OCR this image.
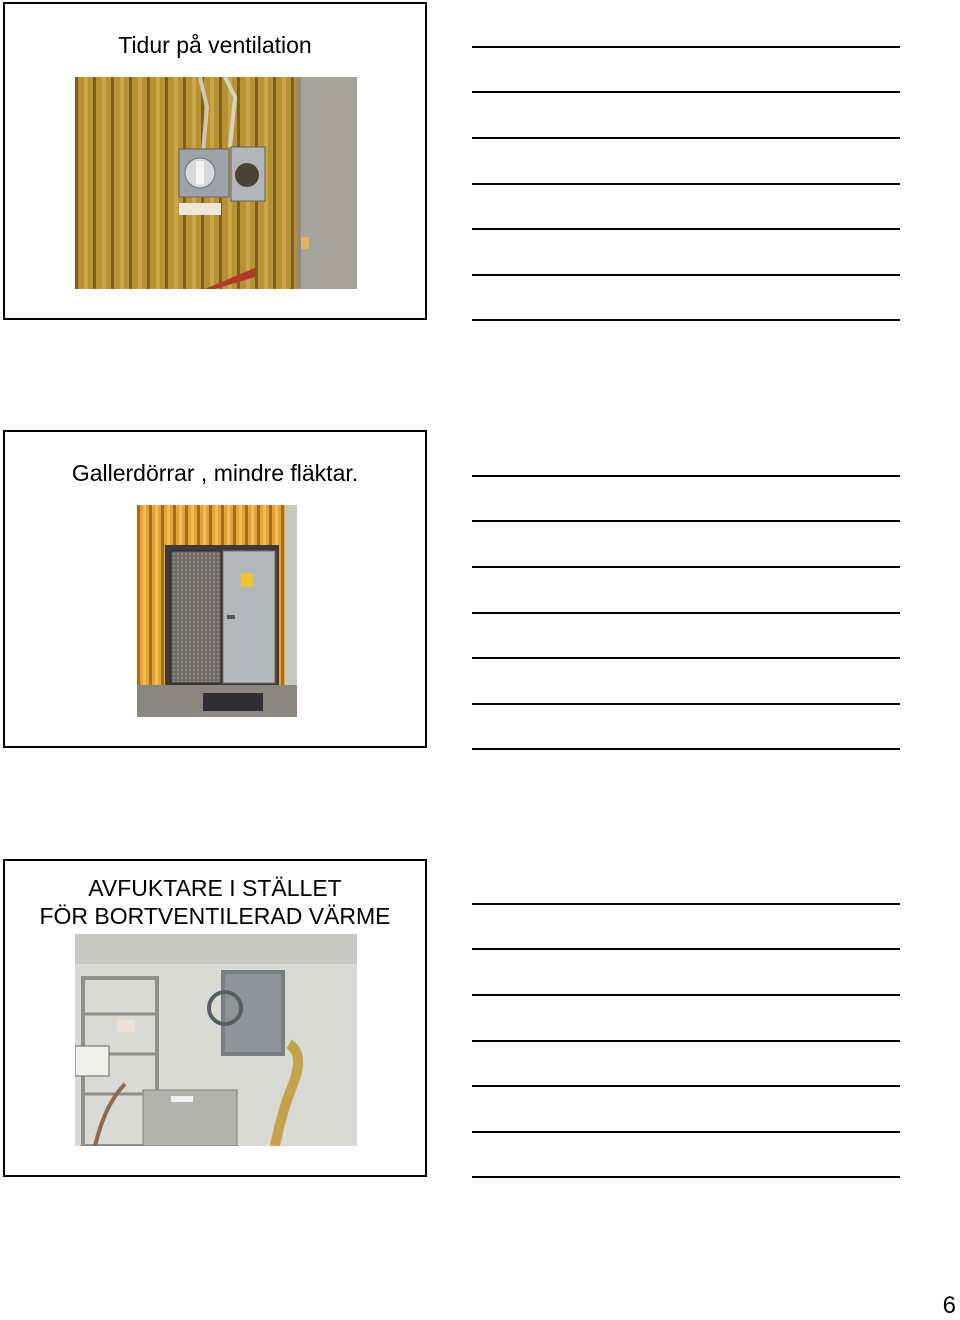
Tidur på ventilation
Gallerdörrar , mindre fläktar.
AVFUKTARE I STÄLLET
FÖR BORTVENTILERAD VÄRME
6
